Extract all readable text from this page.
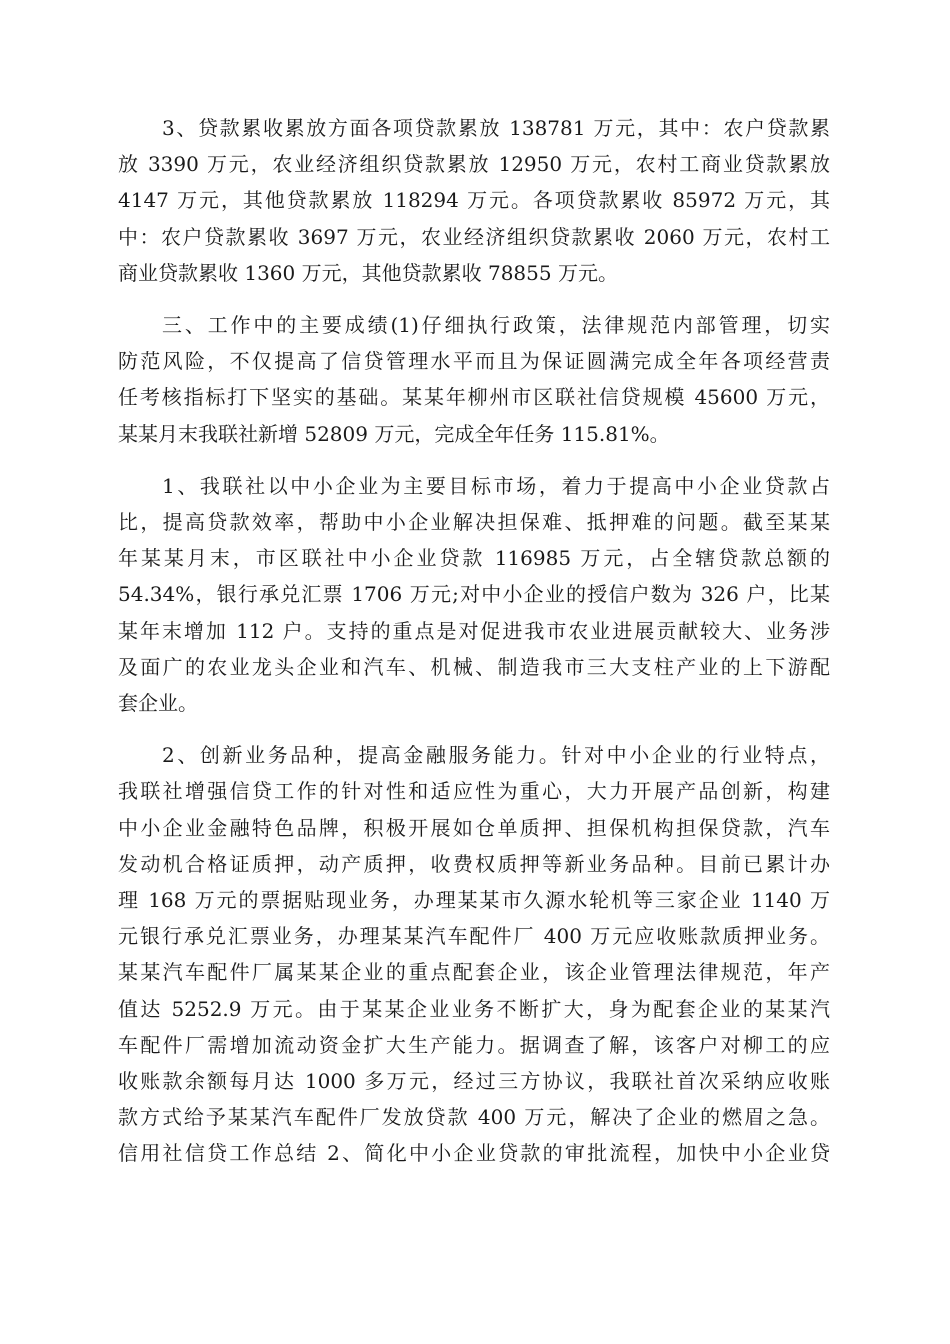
3、贷款累收累放方面各项贷款累放 138781 万元，其中：农户贷款累
放 3390 万元，农业经济组织贷款累放 12950 万元，农村工商业贷款累放
4147 万元，其他贷款累放 118294 万元。各项贷款累收 85972 万元，其
中：农户贷款累收 3697 万元，农业经济组织贷款累收 2060 万元，农村工
商业贷款累收 1360 万元，其他贷款累收 78855 万元。

三、工作中的主要成绩(1)仔细执行政策，法律规范内部管理，切实
防范风险，不仅提高了信贷管理水平而且为保证圆满完成全年各项经营责
任考核指标打下坚实的基础。某某年柳州市区联社信贷规模 45600 万元，
某某月末我联社新增 52809 万元，完成全年任务 115.81%。

1、我联社以中小企业为主要目标市场，着力于提高中小企业贷款占
比，提高贷款效率，帮助中小企业解决担保难、抵押难的问题。截至某某
年某某月末，市区联社中小企业贷款 116985 万元，占全辖贷款总额的
54.34%，银行承兑汇票 1706 万元;对中小企业的授信户数为 326 户，比某
某年末增加 112 户。支持的重点是对促进我市农业进展贡献较大、业务涉
及面广的农业龙头企业和汽车、机械、制造我市三大支柱产业的上下游配
套企业。

2、创新业务品种，提高金融服务能力。针对中小企业的行业特点，
我联社增强信贷工作的针对性和适应性为重心，大力开展产品创新，构建
中小企业金融特色品牌，积极开展如仓单质押、担保机构担保贷款，汽车
发动机合格证质押，动产质押，收费权质押等新业务品种。目前已累计办
理 168 万元的票据贴现业务，办理某某市久源水轮机等三家企业 1140 万
元银行承兑汇票业务，办理某某汽车配件厂 400 万元应收账款质押业务。
某某汽车配件厂属某某企业的重点配套企业，该企业管理法律规范，年产
值达 5252.9 万元。由于某某企业业务不断扩大，身为配套企业的某某汽
车配件厂需增加流动资金扩大生产能力。据调查了解，该客户对柳工的应
收账款余额每月达 1000 多万元，经过三方协议，我联社首次采纳应收账
款方式给予某某汽车配件厂发放贷款 400 万元，解决了企业的燃眉之急。
信用社信贷工作总结 2、简化中小企业贷款的审批流程，加快中小企业贷
